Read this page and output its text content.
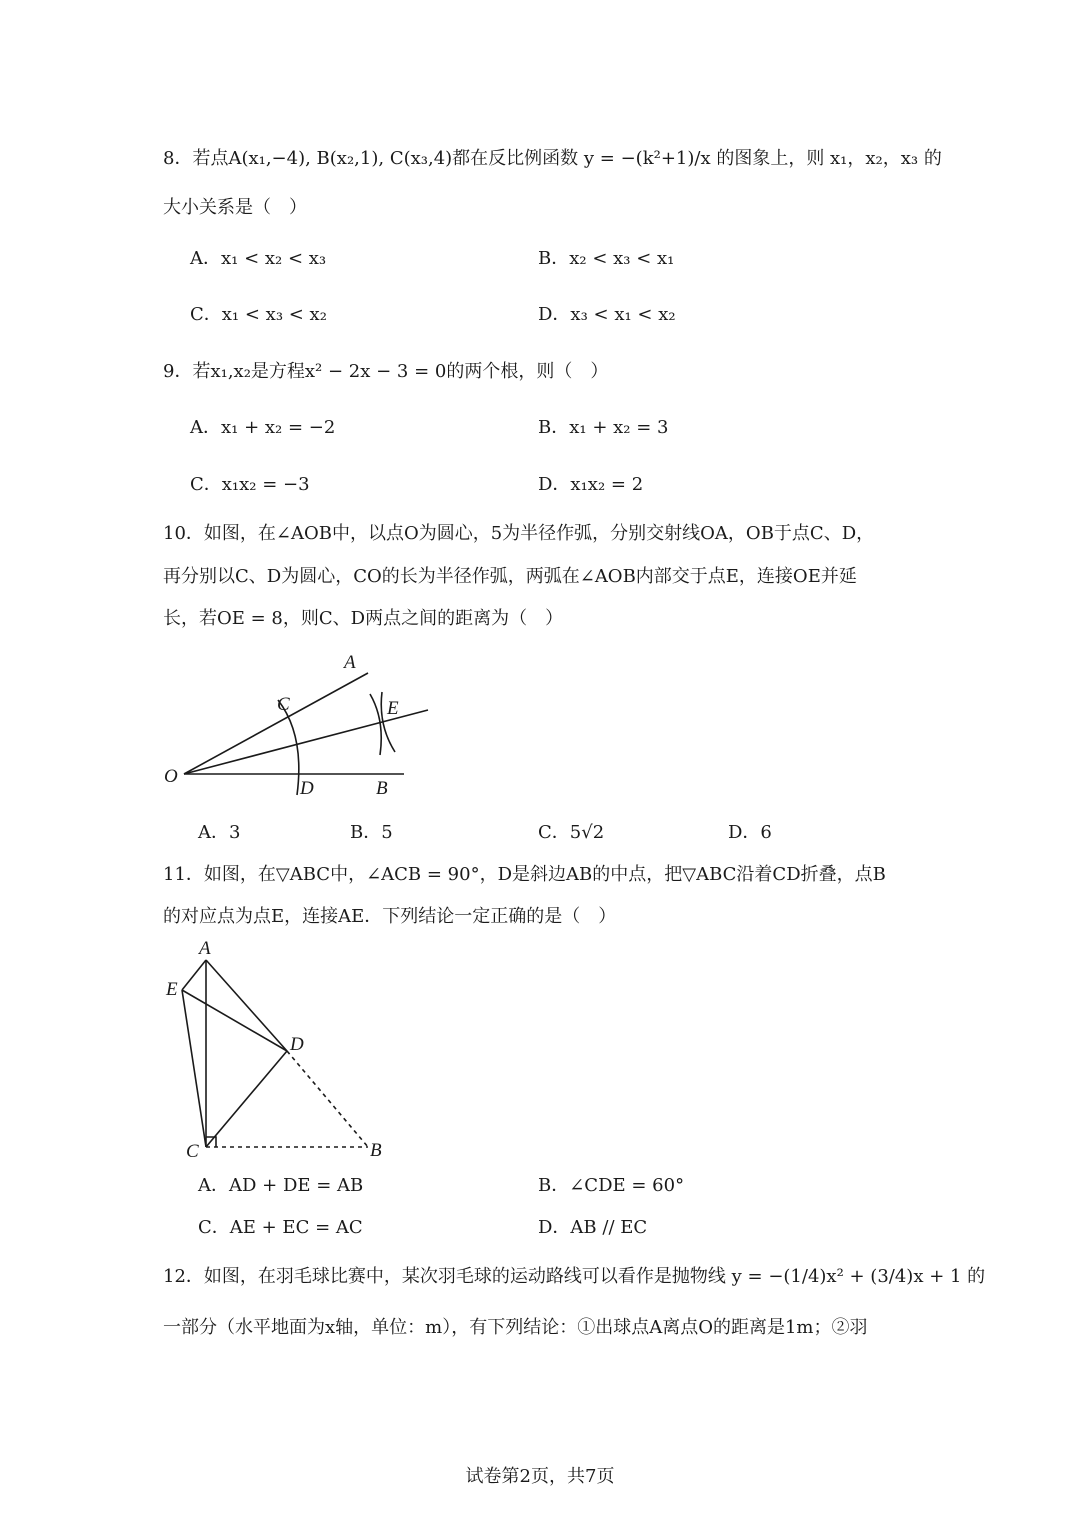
8．若点A(x₁,−4), B(x₂,1), C(x₃,4)都在反比例函数 y = −(k²+1)/x 的图象上，则 x₁，x₂，x₃ 的
大小关系是（　）
A．x₁ < x₂ < x₃	B．x₂ < x₃ < x₁
C．x₁ < x₃ < x₂	D．x₃ < x₁ < x₂
9．若x₁,x₂是方程x² − 2x − 3 = 0的两个根，则（　）
A．x₁ + x₂ = −2	B．x₁ + x₂ = 3
C．x₁x₂ = −3	D．x₁x₂ = 2
10．如图，在∠AOB中，以点O为圆心，5为半径作弧，分别交射线OA，OB于点C、D，
再分别以C、D为圆心，CO的长为半径作弧，两弧在∠AOB内部交于点E，连接OE并延
长，若OE = 8，则C、D两点之间的距离为（　）
A
C	E
O
D	B
A．3	B．5	C．5√2	D．6
11．如图，在▽ABC中，∠ACB = 90°，D是斜边AB的中点，把▽ABC沿着CD折叠，点B
的对应点为点E，连接AE．下列结论一定正确的是（　）
A
E
D
C	B
A．AD + DE = AB	B．∠CDE = 60°
C．AE + EC = AC	D．AB // EC
12．如图，在羽毛球比赛中，某次羽毛球的运动路线可以看作是抛物线 y = −(1/4)x² + (3/4)x + 1 的
一部分（水平地面为x轴，单位：m），有下列结论：①出球点A离点O的距离是1m；②羽
试卷第2页，共7页
